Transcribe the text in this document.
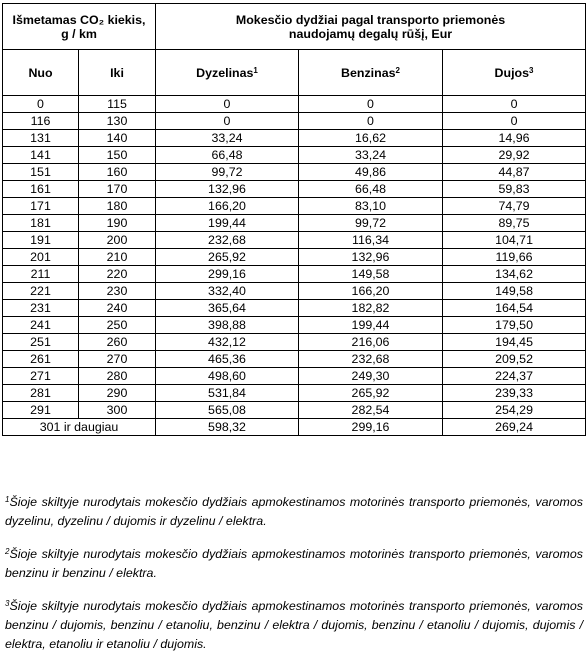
Išmetamas CO₂ kiekis,
g / km		Mokesčio dydžiai pagal transporto priemonės
naudojamų degalų rūšį, Eur		
Nuo	Iki	Dyzelinas$^1$	Benzinas$^2$	Dujos$^3$
0	115	0	0	0
116	130	0	0	0
131	140	33,24	16,62	14,96
141	150	66,48	33,24	29,92
151	160	99,72	49,86	44,87
161	170	132,96	66,48	59,83
171	180	166,20	83,10	74,79
181	190	199,44	99,72	89,75
191	200	232,68	116,34	104,71
201	210	265,92	132,96	119,66
211	220	299,16	149,58	134,62
221	230	332,40	166,20	149,58
231	240	365,64	182,82	164,54
241	250	398,88	199,44	179,50
251	260	432,12	216,06	194,45
261	270	465,36	232,68	209,52
271	280	498,60	249,30	224,37
281	290	531,84	265,92	239,33
291	300	565,08	282,54	254,29
301 ir daugiau		598,32	299,16	269,24

$^1$Šioje skiltyje nurodytais mokesčio dydžiais apmokestinamos motorinės transporto priemonės, varomos dyzelinu, dyzelinu / dujomis ir dyzelinu / elektra.

$^2$Šioje skiltyje nurodytais mokesčio dydžiais apmokestinamos motorinės transporto priemonės, varomos benzinu ir benzinu / elektra.

$^3$Šioje skiltyje nurodytais mokesčio dydžiais apmokestinamos motorinės transporto priemonės, varomos benzinu / dujomis, benzinu / etanoliu, benzinu / elektra / dujomis, benzinu / etanoliu / dujomis, dujomis / elektra, etanoliu ir etanoliu / dujomis.
